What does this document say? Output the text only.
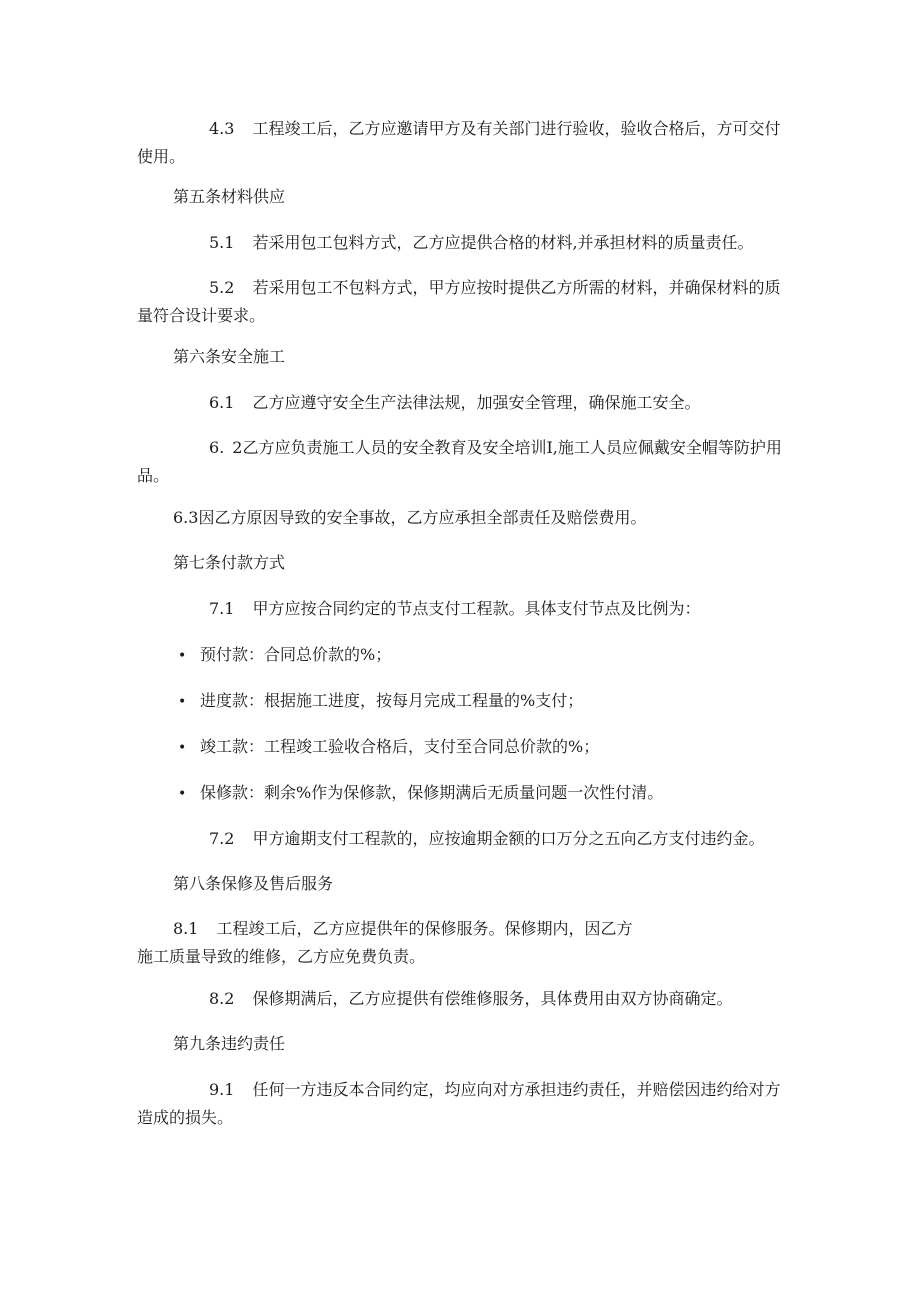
4.3 工程竣工后，乙方应邀请甲方及有关部门进行验收，验收合格后，方可交付使用。

第五条材料供应

5.1 若采用包工包料方式，乙方应提供合格的材料,并承担材料的质量责任。

5.2 若采用包工不包料方式，甲方应按时提供乙方所需的材料，并确保材料的质量符合设计要求。

第六条安全施工

6.1 乙方应遵守安全生产法律法规，加强安全管理，确保施工安全。

6. 2乙方应负责施工人员的安全教育及安全培训I,施工人员应佩戴安全帽等防护用品。

6.3因乙方原因导致的安全事故，乙方应承担全部责任及赔偿费用。

第七条付款方式

7.1 甲方应按合同约定的节点支付工程款。具体支付节点及比例为：

• 预付款：合同总价款的%；

• 进度款：根据施工进度，按每月完成工程量的%支付；

• 竣工款：工程竣工验收合格后，支付至合同总价款的%；

• 保修款：剩余%作为保修款，保修期满后无质量问题一次性付清。

7.2 甲方逾期支付工程款的，应按逾期金额的口万分之五向乙方支付违约金。

第八条保修及售后服务

8.1 工程竣工后，乙方应提供年的保修服务。保修期内，因乙方
施工质量导致的维修，乙方应免费负责。

8.2 保修期满后，乙方应提供有偿维修服务，具体费用由双方协商确定。

第九条违约责任

9.1 任何一方违反本合同约定，均应向对方承担违约责任，并赔偿因违约给对方造成的损失。
